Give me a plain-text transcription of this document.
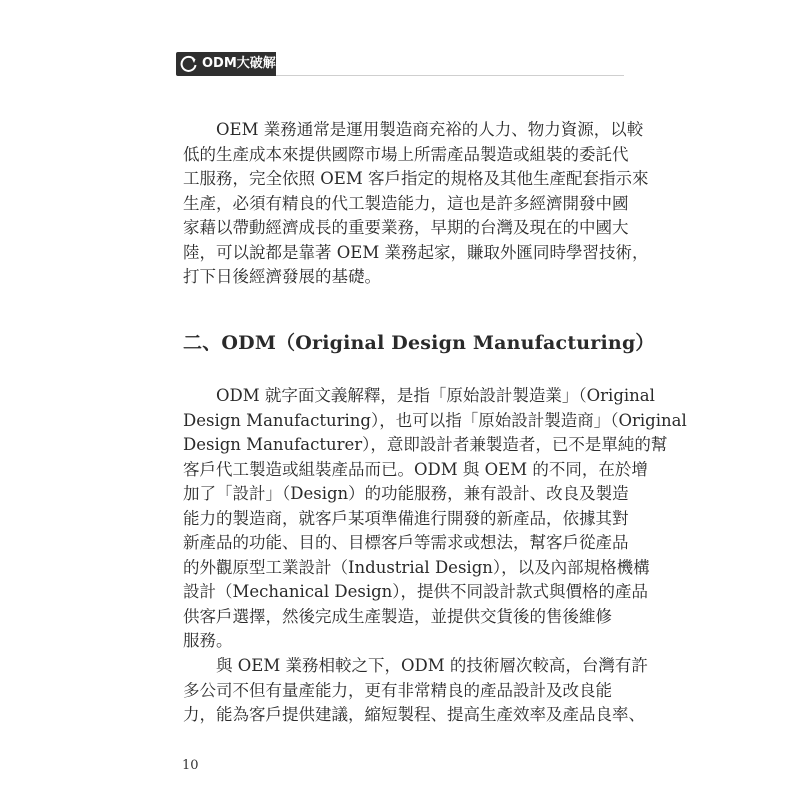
ODM大破解
OEM 業務通常是運用製造商充裕的人力、物力資源，以較
低的生產成本來提供國際市場上所需產品製造或組裝的委託代
工服務，完全依照 OEM 客戶指定的規格及其他生產配套指示來
生產，必須有精良的代工製造能力，這也是許多經濟開發中國
家藉以帶動經濟成長的重要業務，早期的台灣及現在的中國大
陸，可以說都是靠著 OEM 業務起家，賺取外匯同時學習技術，
打下日後經濟發展的基礎。
二、ODM（Original Design Manufacturing）
ODM 就字面文義解釋，是指「原始設計製造業」（Original
Design Manufacturing），也可以指「原始設計製造商」（Original
Design Manufacturer），意即設計者兼製造者，已不是單純的幫
客戶代工製造或組裝產品而已。ODM 與 OEM 的不同，在於增
加了「設計」（Design）的功能服務，兼有設計、改良及製造
能力的製造商，就客戶某項準備進行開發的新產品，依據其對
新產品的功能、目的、目標客戶等需求或想法，幫客戶從產品
的外觀原型工業設計（Industrial Design），以及內部規格機構
設計（Mechanical Design），提供不同設計款式與價格的產品
供客戶選擇，然後完成生產製造，並提供交貨後的售後維修
服務。
與 OEM 業務相較之下，ODM 的技術層次較高，台灣有許
多公司不但有量產能力，更有非常精良的產品設計及改良能
力，能為客戶提供建議，縮短製程、提高生產效率及產品良率、
10
